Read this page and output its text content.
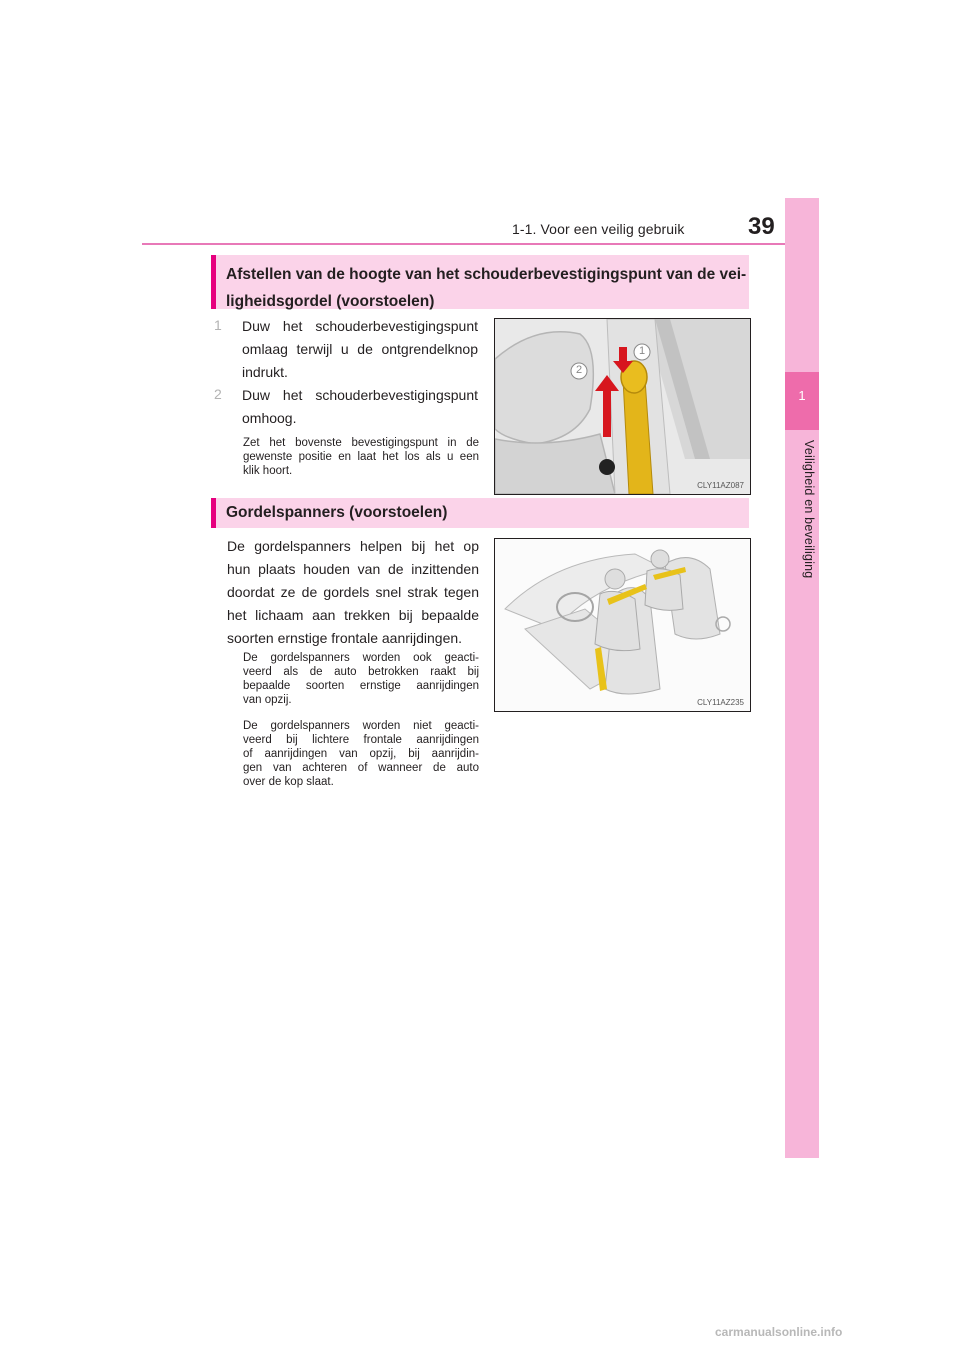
1-1. Voor een veilig gebruik	39
1
Veiligheid en beveiliging
Afstellen van de hoogte van het schouderbevestigingspunt van de vei-
ligheidsgordel (voorstoelen)
1 Duw het schouderbevestigingspunt
omlaag terwijl u de ontgrendelknop
indrukt.
2 Duw het schouderbevestigingspunt
omhoog.
Zet het bovenste bevestigingspunt in de
gewenste positie en laat het los als u een
klik hoort.
1
2
CLY11AZ087
Gordelspanners (voorstoelen)
De gordelspanners helpen bij het op
hun plaats houden van de inzittenden
doordat ze de gordels snel strak tegen
het lichaam aan trekken bij bepaalde
soorten ernstige frontale aanrijdingen.
De gordelspanners worden ook geacti-
veerd als de auto betrokken raakt bij
bepaalde soorten ernstige aanrijdingen
van opzij.
De gordelspanners worden niet geacti-
veerd bij lichtere frontale aanrijdingen
of aanrijdingen van opzij, bij aanrijdin-
gen van achteren of wanneer de auto
over de kop slaat.
CLY11AZ235
carmanualsonline.info
